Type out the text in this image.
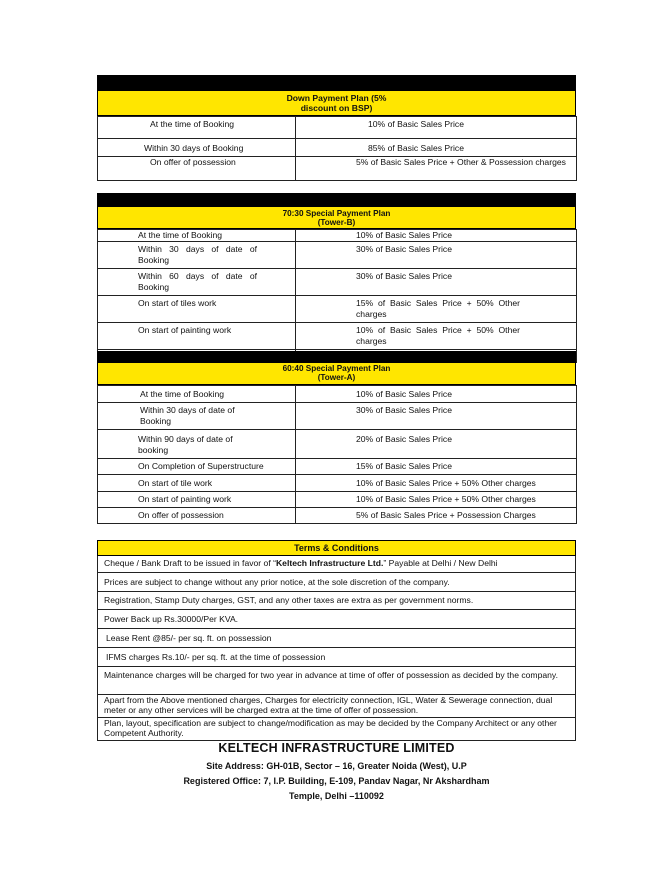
Down Payment Plan (5%
discount on BSP)
At the time of Booking	10% of Basic Sales Price
Within 30 days of Booking	85% of Basic Sales Price
On offer of possession	5% of Basic Sales Price + Other & Possession charges
70:30 Special Payment Plan
(Tower-B)
At the time of Booking	10% of Basic Sales Price
Within 30 days of date of Booking	30% of Basic Sales Price
Within 60 days of date of Booking	30% of Basic Sales Price
On start of tiles work	15% of Basic Sales Price + 50% Other charges
On start of painting work	10% of Basic Sales Price + 50% Other charges

60:40 Special Payment Plan
(Tower-A)
At the time of Booking	10% of Basic Sales Price
Within 30 days of date of Booking	30% of Basic Sales Price
Within 90 days of date of booking	20% of Basic Sales Price
On Completion of Superstructure	15% of Basic Sales Price
On start of tile work	10% of Basic Sales Price + 50% Other charges
On start of painting work	10% of Basic Sales Price + 50% Other charges
On offer of possession	5% of Basic Sales Price + Possession Charges
Terms & Conditions
Cheque / Bank Draft to be issued in favor of “Keltech Infrastructure Ltd.” Payable at Delhi / New Delhi
Prices are subject to change without any prior notice, at the sole discretion of the company.
Registration, Stamp Duty charges, GST, and any other taxes are extra as per government norms.
Power Back up Rs.30000/Per KVA.
Lease Rent @85/- per sq. ft. on possession
IFMS charges Rs.10/- per sq. ft. at the time of possession
Maintenance charges will be charged for two year in advance at time of offer of possession as decided by the company.
Apart from the Above mentioned charges, Charges for electricity connection, IGL, Water & Sewerage connection, dual meter or any other services will be charged extra at the time of offer of possession.
Plan, layout, specification are subject to change/modification as may be decided by the Company Architect or any other Competent Authority.
KELTECH INFRASTRUCTURE LIMITED
Site Address: GH-01B, Sector – 16, Greater Noida (West), U.P
Registered Office: 7, I.P. Building, E-109, Pandav Nagar, Nr Akshardham
Temple, Delhi –110092
